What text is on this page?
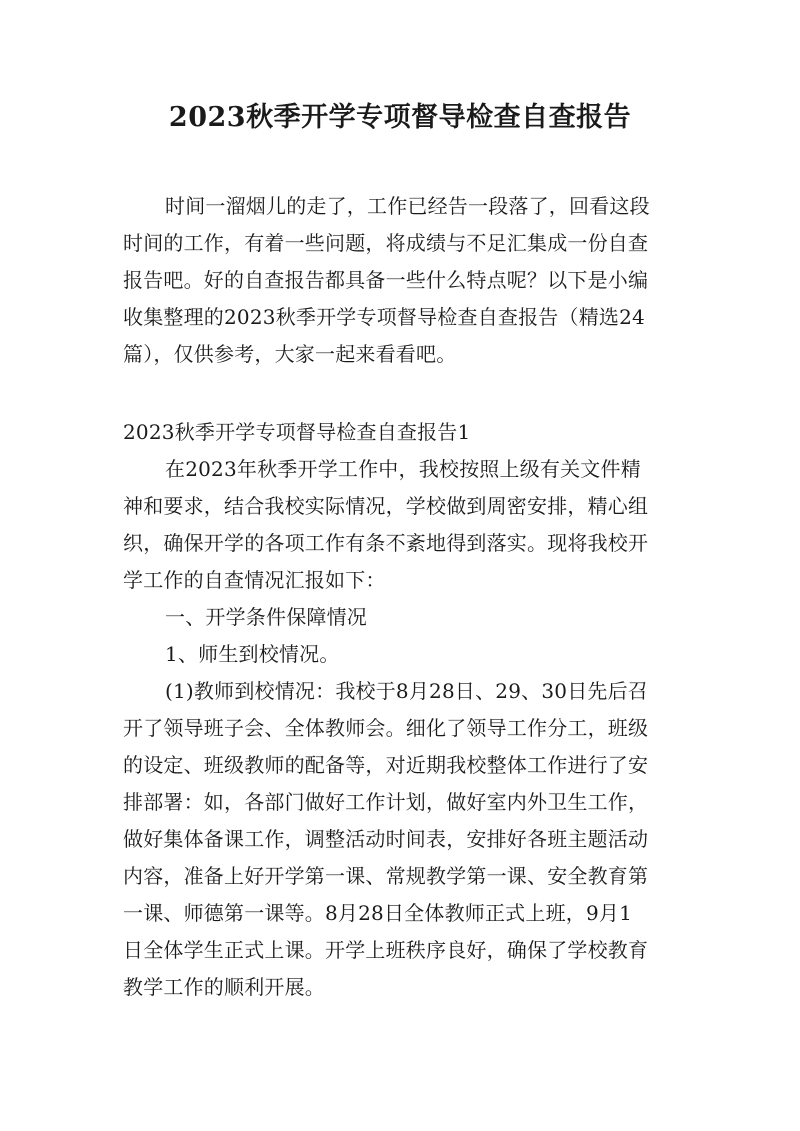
2023秋季开学专项督导检查自查报告
时间一溜烟儿的走了，工作已经告一段落了，回看这段
时间的工作，有着一些问题，将成绩与不足汇集成一份自查
报告吧。好的自查报告都具备一些什么特点呢？以下是小编
收集整理的2023秋季开学专项督导检查自查报告（精选24
篇），仅供参考，大家一起来看看吧。
2023秋季开学专项督导检查自查报告1
在2023年秋季开学工作中，我校按照上级有关文件精
神和要求，结合我校实际情况，学校做到周密安排，精心组
织，确保开学的各项工作有条不紊地得到落实。现将我校开
学工作的自查情况汇报如下：
一、开学条件保障情况
1、师生到校情况。
(1)教师到校情况：我校于8月28日、29、30日先后召
开了领导班子会、全体教师会。细化了领导工作分工，班级
的设定、班级教师的配备等，对近期我校整体工作进行了安
排部署：如，各部门做好工作计划，做好室内外卫生工作，
做好集体备课工作，调整活动时间表，安排好各班主题活动
内容，准备上好开学第一课、常规教学第一课、安全教育第
一课、师德第一课等。8月28日全体教师正式上班，9月1
日全体学生正式上课。开学上班秩序良好，确保了学校教育
教学工作的顺利开展。
